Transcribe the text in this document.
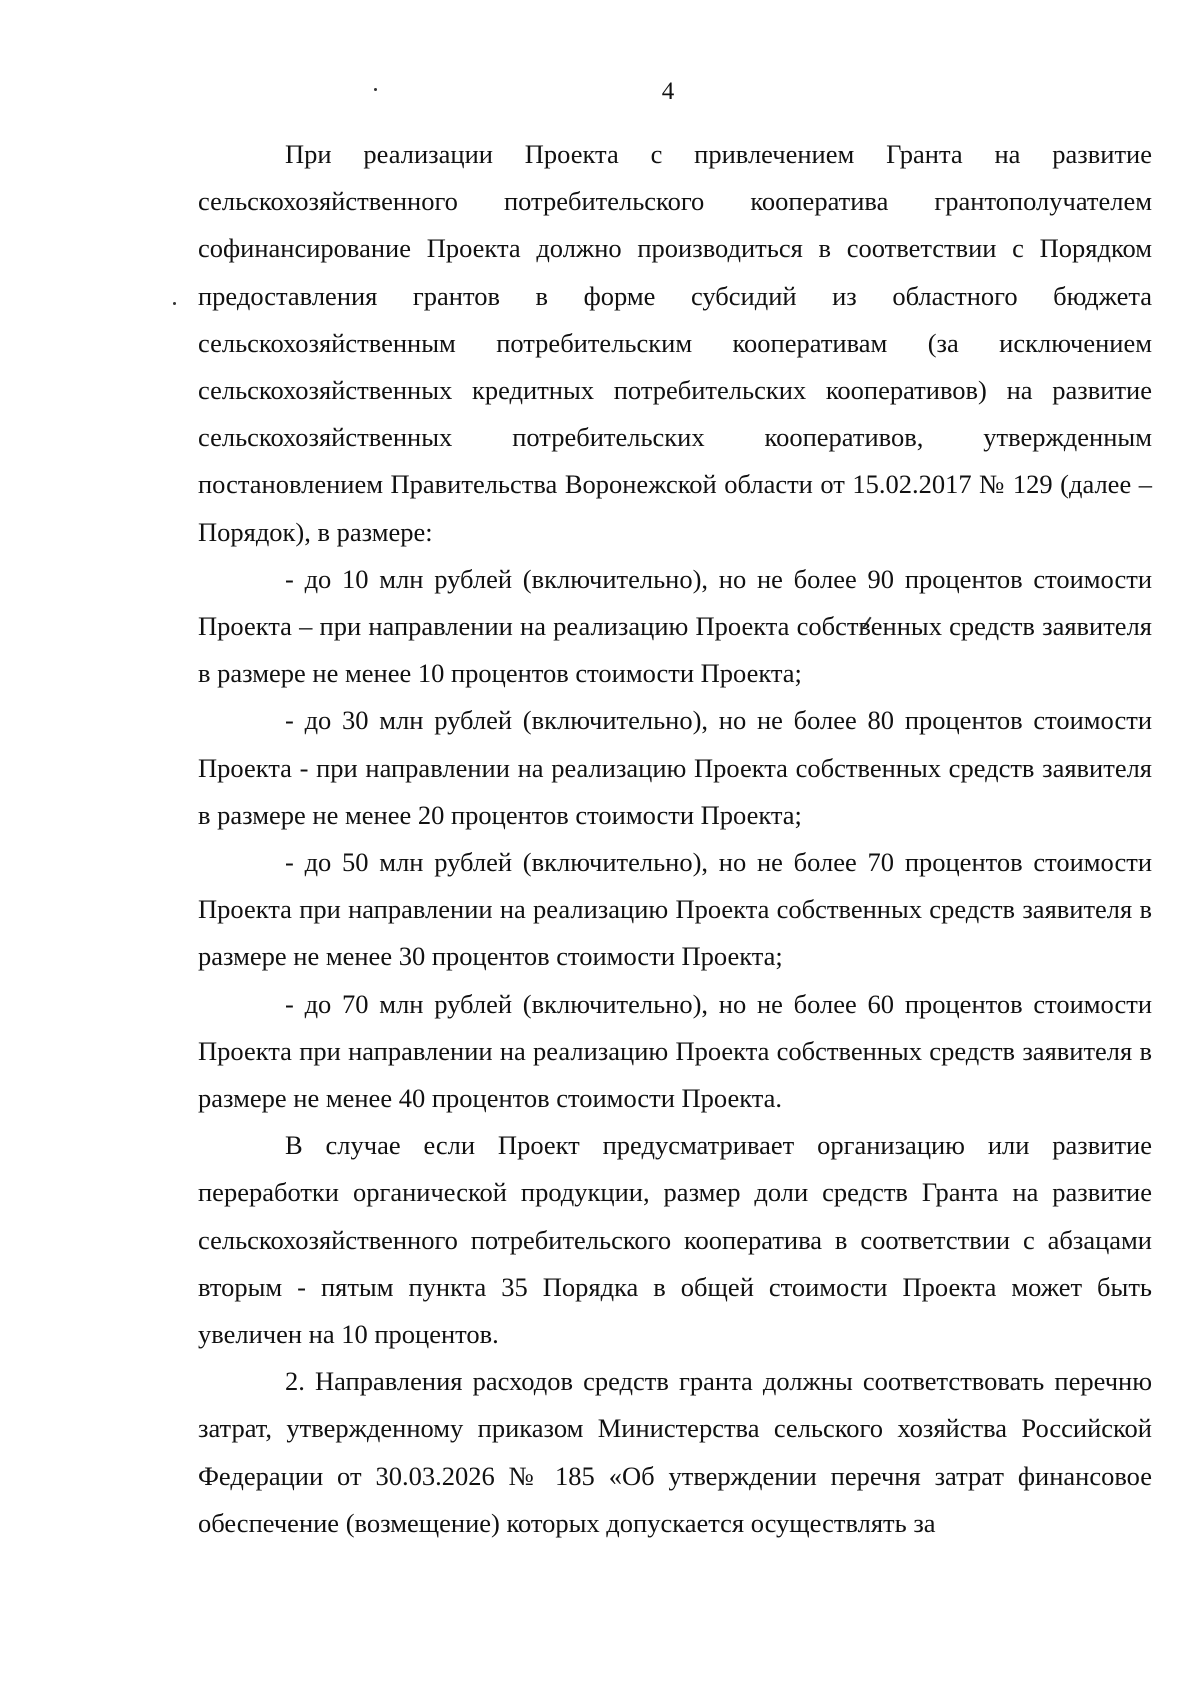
4

При реализации Проекта с привлечением Гранта на развитие сельскохозяйственного потребительского кооператива грантополучателем софинансирование Проекта должно производиться в соответствии с Порядком предоставления грантов в форме субсидий из областного бюджета сельскохозяйственным потребительским кооперативам (за исключением сельскохозяйственных кредитных потребительских кооперативов) на развитие сельскохозяйственных потребительских кооперативов, утвержденным постановлением Правительства Воронежской области от 15.02.2017 № 129 (далее – Порядок), в размере:

- до 10 млн рублей (включительно), но не более 90 процентов стоимости Проекта – при направлении на реализацию Проекта собственных средств заявителя в размере не менее 10 процентов стоимости Проекта;

- до 30 млн рублей (включительно), но не более 80 процентов стоимости Проекта - при направлении на реализацию Проекта собственных средств заявителя в размере не менее 20 процентов стоимости Проекта;

- до 50 млн рублей (включительно), но не более 70 процентов стоимости Проекта при направлении на реализацию Проекта собственных средств заявителя в размере не менее 30 процентов стоимости Проекта;

- до 70 млн рублей (включительно), но не более 60 процентов стоимости Проекта при направлении на реализацию Проекта собственных средств заявителя в размере не менее 40 процентов стоимости Проекта.

В случае если Проект предусматривает организацию или развитие переработки органической продукции, размер доли средств Гранта на развитие сельскохозяйственного потребительского кооператива в соответствии с абзацами вторым - пятым пункта 35 Порядка в общей стоимости Проекта может быть увеличен на 10 процентов.

2. Направления расходов средств гранта должны соответствовать перечню затрат, утвержденному приказом Министерства сельского хозяйства Российской Федерации от 30.03.2026 № 185 «Об утверждении перечня затрат финансовое обеспечение (возмещение) которых допускается осуществлять за
